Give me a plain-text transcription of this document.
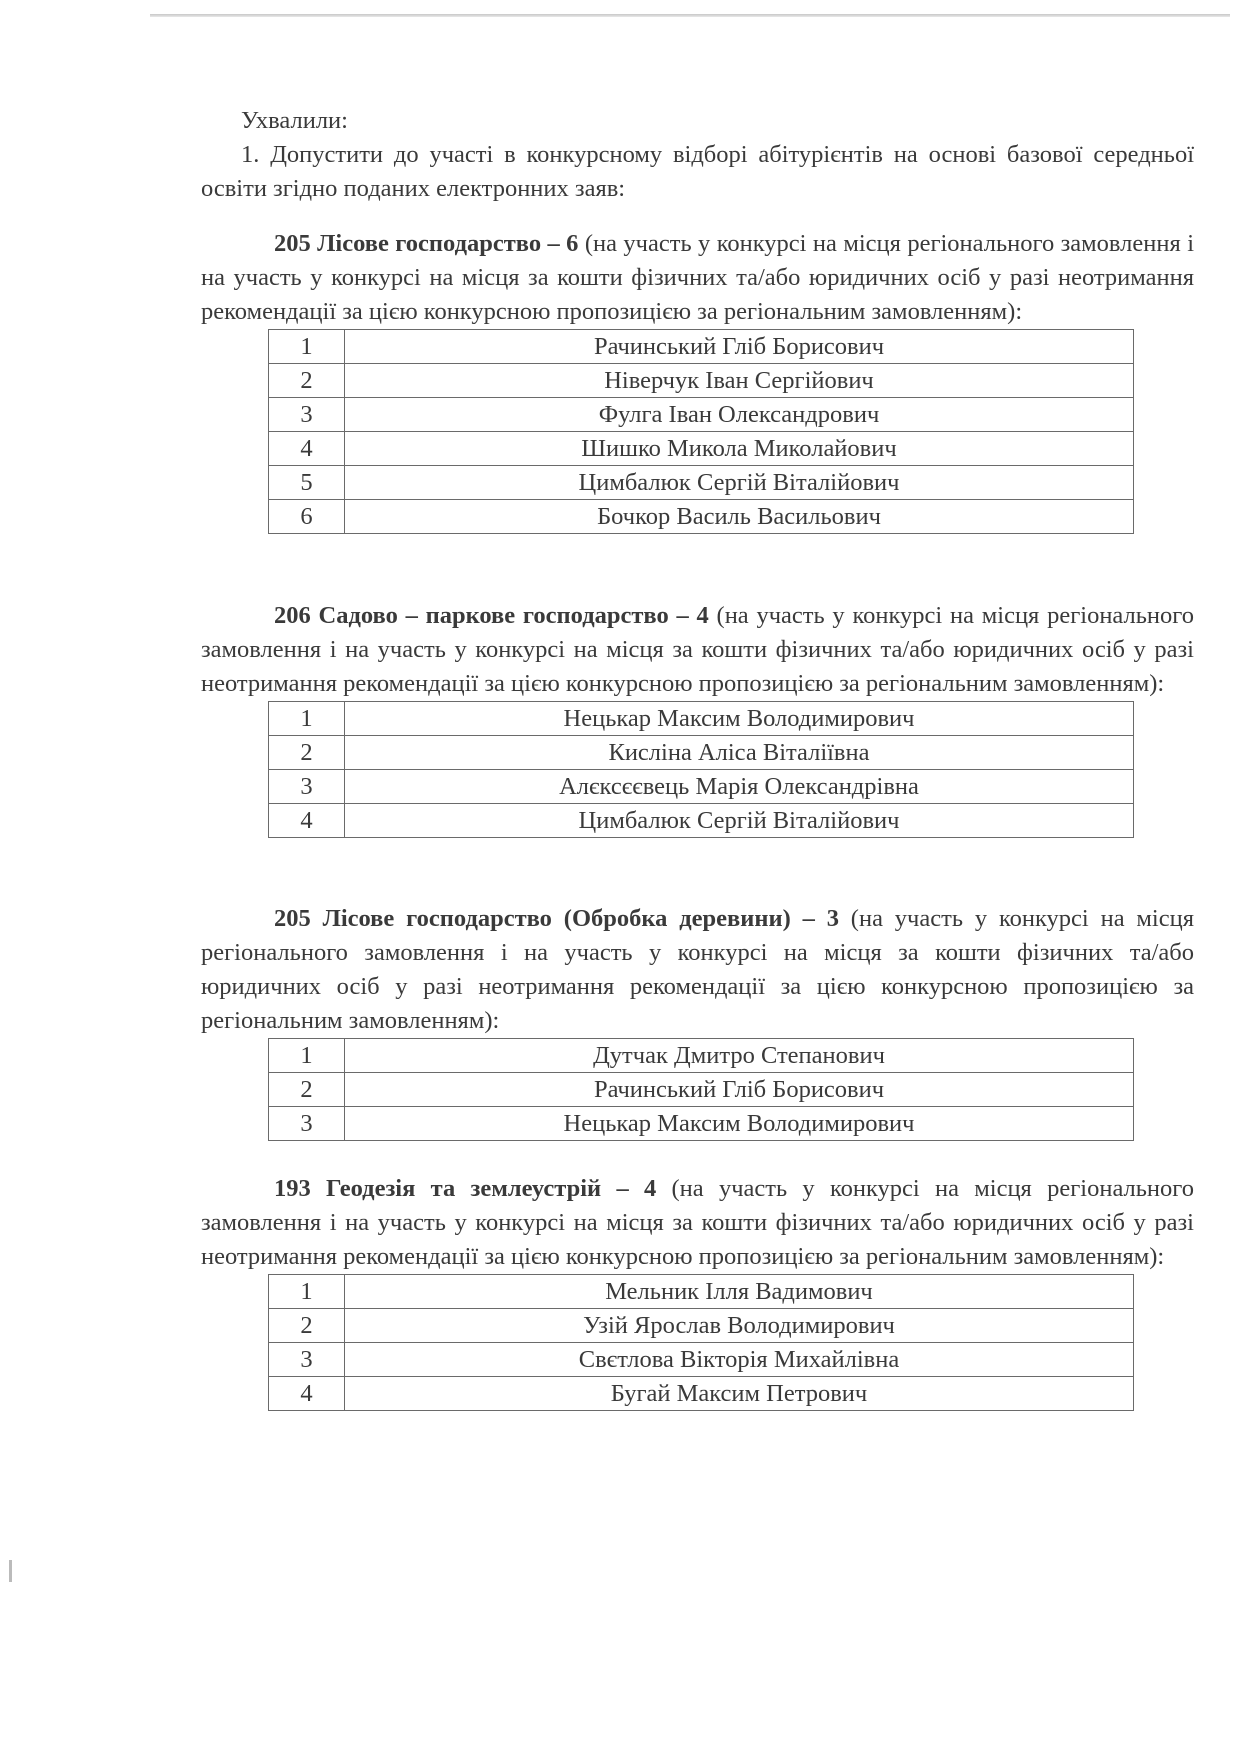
Ухвалили:

1. Допустити до участі в конкурсному відборі абітурієнтів на основі базової середньої освіти згідно поданих електронних заяв:

205 Лісове господарство – 6 (на участь у конкурсі на місця регіонального замовлення і на участь у конкурсі на місця за кошти фізичних та/або юридичних осіб у разі неотримання рекомендації за цією конкурсною пропозицією за регіональним замовленням):

1	Рачинський Гліб Борисович
2	Ніверчук Іван Сергійович
3	Фулга Іван Олександрович
4	Шишко Микола Миколайович
5	Цимбалюк Сергій Віталійович
6	Бочкор Василь Васильович

206 Садово – паркове господарство – 4 (на участь у конкурсі на місця регіонального замовлення і на участь у конкурсі на місця за кошти фізичних та/або юридичних осіб у разі неотримання рекомендації за цією конкурсною пропозицією за регіональним замовленням):

1	Нецькар Максим Володимирович
2	Кисліна Аліса Віталіївна
3	Алєксєєвець Марія Олександрівна
4	Цимбалюк Сергій Віталійович

205 Лісове господарство (Обробка деревини) – 3 (на участь у конкурсі на місця регіонального замовлення і на участь у конкурсі на місця за кошти фізичних та/або юридичних осіб у разі неотримання рекомендації за цією конкурсною пропозицією за регіональним замовленням):

1	Дутчак Дмитро Степанович
2	Рачинський Гліб Борисович
3	Нецькар Максим Володимирович

193 Геодезія та землеустрій – 4 (на участь у конкурсі на місця регіонального замовлення і на участь у конкурсі на місця за кошти фізичних та/або юридичних осіб у разі неотримання рекомендації за цією конкурсною пропозицією за регіональним замовленням):

1	Мельник Ілля Вадимович
2	Узій Ярослав Володимирович
3	Свєтлова Вікторія Михайлівна
4	Бугай Максим Петрович
